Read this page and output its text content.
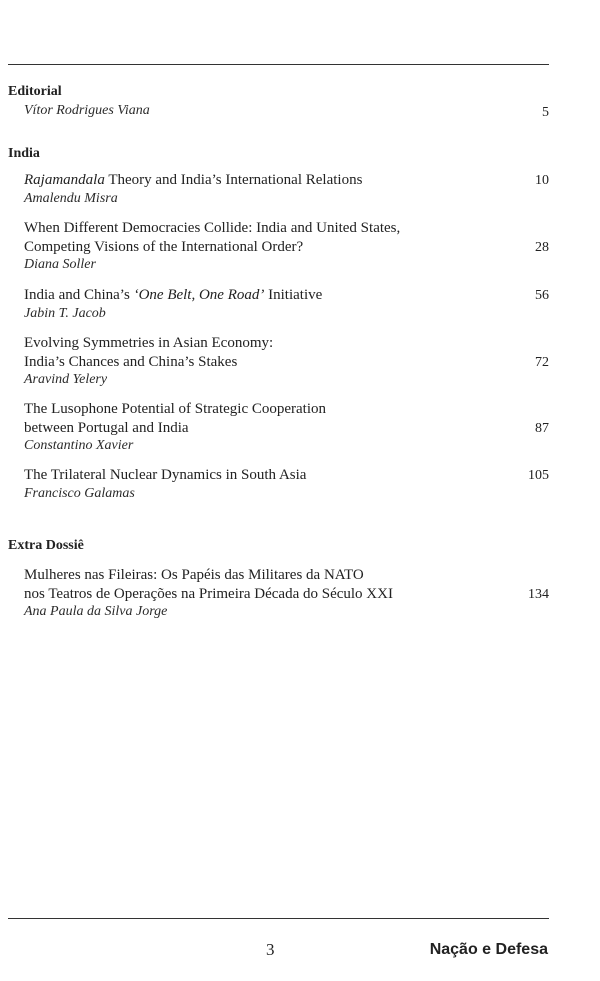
Editorial
Vítor Rodrigues Viana	5
India
Rajamandala Theory and India’s International Relations
Amalendu Misra
10
When Different Democracies Collide: India and United States,
Competing Visions of the International Order?
Diana Soller
28
India and China’s ‘One Belt, One Road’ Initiative
Jabin T. Jacob
56
Evolving Symmetries in Asian Economy:
India’s Chances and China’s Stakes
Aravind Yelery
72
The Lusophone Potential of Strategic Cooperation
between Portugal and India
Constantino Xavier
87
The Trilateral Nuclear Dynamics in South Asia
Francisco Galamas
105
Extra Dossiê
Mulheres nas Fileiras: Os Papéis das Militares da NATO
nos Teatros de Operações na Primeira Década do Século XXI
Ana Paula da Silva Jorge
134
3	Nação e Defesa
